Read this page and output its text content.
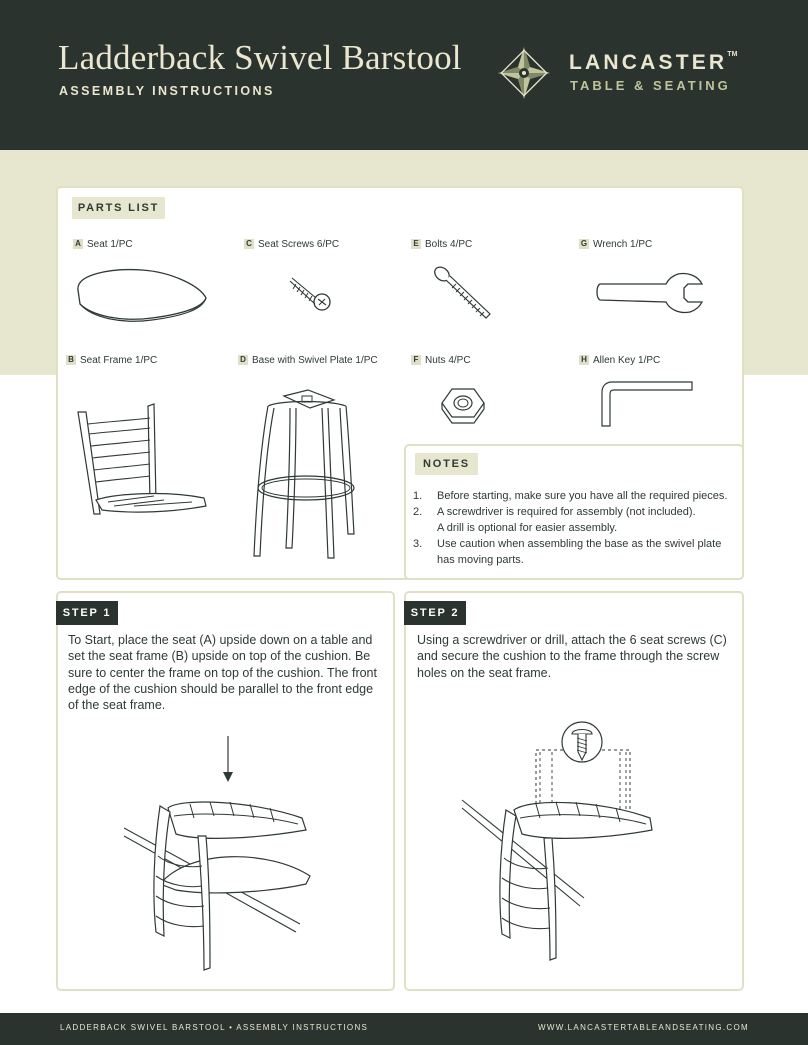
Ladderback Swivel Barstool
ASSEMBLY INSTRUCTIONS
LANCASTER™
TABLE & SEATING
PARTS LIST
A Seat 1/PC	C Seat Screws 6/PC	E Bolts 4/PC	G Wrench 1/PC
B Seat Frame 1/PC	D Base with Swivel Plate 1/PC	F Nuts 4/PC	H Allen Key 1/PC
NOTES
1. Before starting, make sure you have all the required pieces.
2. A screwdriver is required for assembly (not included).
A drill is optional for easier assembly.
3. Use caution when assembling the base as the swivel plate has moving parts.
STEP 1
To Start, place the seat (A) upside down on a table and set the seat frame (B) upside on top of the cushion. Be sure to center the frame on top of the cushion. The front edge of the cushion should be parallel to the front edge of the seat frame.
STEP 2
Using a screwdriver or drill, attach the 6 seat screws (C) and secure the cushion to the frame through the screw holes on the seat frame.
LADDERBACK SWIVEL BARSTOOL • ASSEMBLY INSTRUCTIONS	WWW.LANCASTERTABLEANDSEATING.COM
